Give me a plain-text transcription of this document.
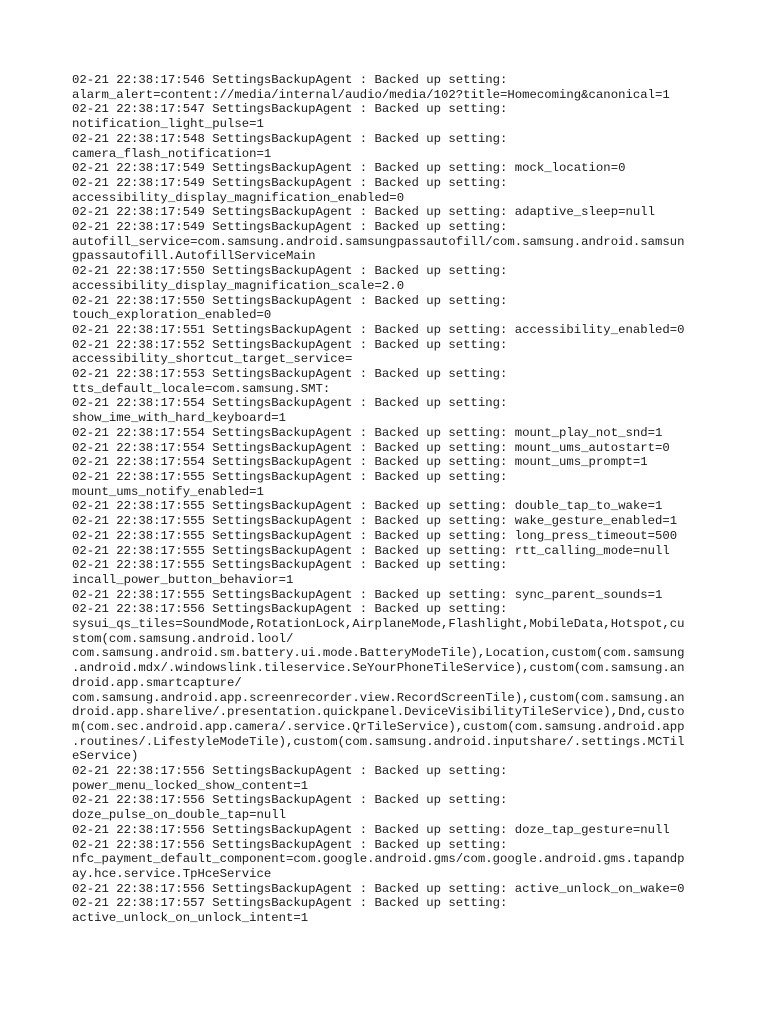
02-21 22:38:17:546 SettingsBackupAgent : Backed up setting:

alarm_alert=content://media/internal/audio/media/102?title=Homecoming&canonical=1

02-21 22:38:17:547 SettingsBackupAgent : Backed up setting:

notification_light_pulse=1

02-21 22:38:17:548 SettingsBackupAgent : Backed up setting:

camera_flash_notification=1

02-21 22:38:17:549 SettingsBackupAgent : Backed up setting: mock_location=0

02-21 22:38:17:549 SettingsBackupAgent : Backed up setting:

accessibility_display_magnification_enabled=0

02-21 22:38:17:549 SettingsBackupAgent : Backed up setting: adaptive_sleep=null

02-21 22:38:17:549 SettingsBackupAgent : Backed up setting:

autofill_service=com.samsung.android.samsungpassautofill/com.samsung.android.samsun

gpassautofill.AutofillServiceMain

02-21 22:38:17:550 SettingsBackupAgent : Backed up setting:

accessibility_display_magnification_scale=2.0

02-21 22:38:17:550 SettingsBackupAgent : Backed up setting:

touch_exploration_enabled=0

02-21 22:38:17:551 SettingsBackupAgent : Backed up setting: accessibility_enabled=0

02-21 22:38:17:552 SettingsBackupAgent : Backed up setting:

accessibility_shortcut_target_service=

02-21 22:38:17:553 SettingsBackupAgent : Backed up setting:

tts_default_locale=com.samsung.SMT:

02-21 22:38:17:554 SettingsBackupAgent : Backed up setting:

show_ime_with_hard_keyboard=1

02-21 22:38:17:554 SettingsBackupAgent : Backed up setting: mount_play_not_snd=1

02-21 22:38:17:554 SettingsBackupAgent : Backed up setting: mount_ums_autostart=0

02-21 22:38:17:554 SettingsBackupAgent : Backed up setting: mount_ums_prompt=1

02-21 22:38:17:555 SettingsBackupAgent : Backed up setting:

mount_ums_notify_enabled=1

02-21 22:38:17:555 SettingsBackupAgent : Backed up setting: double_tap_to_wake=1

02-21 22:38:17:555 SettingsBackupAgent : Backed up setting: wake_gesture_enabled=1

02-21 22:38:17:555 SettingsBackupAgent : Backed up setting: long_press_timeout=500

02-21 22:38:17:555 SettingsBackupAgent : Backed up setting: rtt_calling_mode=null

02-21 22:38:17:555 SettingsBackupAgent : Backed up setting:

incall_power_button_behavior=1

02-21 22:38:17:555 SettingsBackupAgent : Backed up setting: sync_parent_sounds=1

02-21 22:38:17:556 SettingsBackupAgent : Backed up setting:

sysui_qs_tiles=SoundMode,RotationLock,AirplaneMode,Flashlight,MobileData,Hotspot,cu

stom(com.samsung.android.lool/

com.samsung.android.sm.battery.ui.mode.BatteryModeTile),Location,custom(com.samsung

.android.mdx/.windowslink.tileservice.SeYourPhoneTileService),custom(com.samsung.an

droid.app.smartcapture/

com.samsung.android.app.screenrecorder.view.RecordScreenTile),custom(com.samsung.an

droid.app.sharelive/.presentation.quickpanel.DeviceVisibilityTileService),Dnd,custo

m(com.sec.android.app.camera/.service.QrTileService),custom(com.samsung.android.app

.routines/.LifestyleModeTile),custom(com.samsung.android.inputshare/.settings.MCTil

eService)

02-21 22:38:17:556 SettingsBackupAgent : Backed up setting:

power_menu_locked_show_content=1

02-21 22:38:17:556 SettingsBackupAgent : Backed up setting:

doze_pulse_on_double_tap=null

02-21 22:38:17:556 SettingsBackupAgent : Backed up setting: doze_tap_gesture=null

02-21 22:38:17:556 SettingsBackupAgent : Backed up setting:

nfc_payment_default_component=com.google.android.gms/com.google.android.gms.tapandp

ay.hce.service.TpHceService

02-21 22:38:17:556 SettingsBackupAgent : Backed up setting: active_unlock_on_wake=0

02-21 22:38:17:557 SettingsBackupAgent : Backed up setting:

active_unlock_on_unlock_intent=1
